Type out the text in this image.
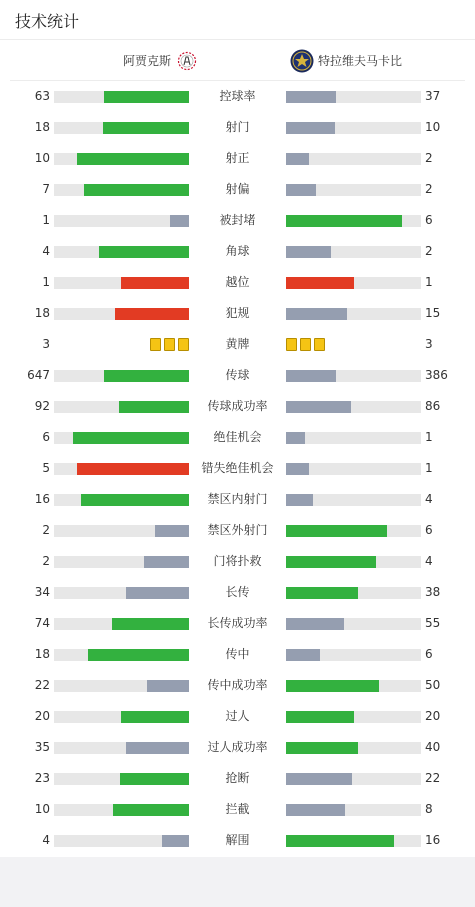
技术统计
阿贾克斯	特拉维夫马卡比
63	控球率	37
18	射门	10
10	射正	2
7	射偏	2
1	被封堵	6
4	角球	2
1	越位	1
18	犯规	15
3	黄牌	3
647	传球	386
92	传球成功率	86
6	绝佳机会	1
5	错失绝佳机会	1
16	禁区内射门	4
2	禁区外射门	6
2	门将扑救	4
34	长传	38
74	长传成功率	55
18	传中	6
22	传中成功率	50
20	过人	20
35	过人成功率	40
23	抢断	22
10	拦截	8
4	解围	16
